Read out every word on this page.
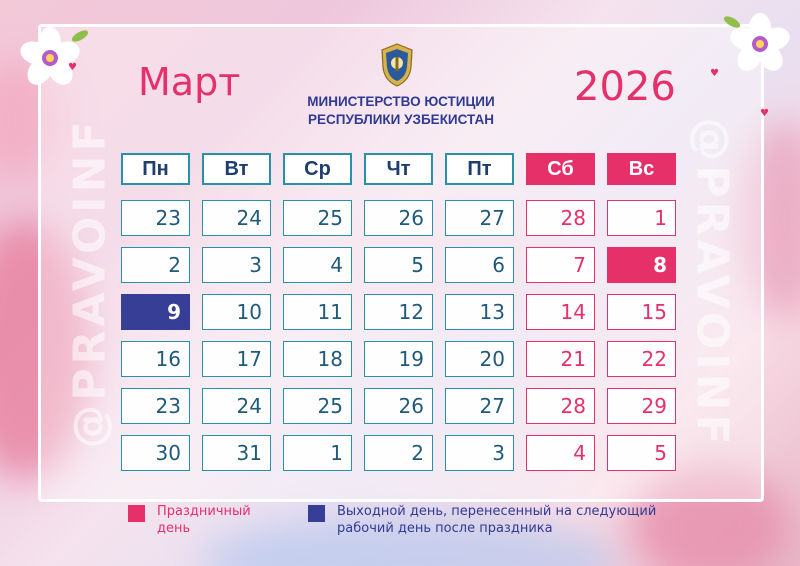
@PRAVOINF	@PRAVOINF
♥
♥
♥
Март	2026
МИНИСТЕРСТВО ЮСТИЦИИ
РЕСПУБЛИКИ УЗБЕКИСТАН
Пн	Вт	Ср	Чт	Пт	Сб	Вс
23	24	25	26	27	28	1
2	3	4	5	6	7	8
9	10	11	12	13	14	15
16	17	18	19	20	21	22
23	24	25	26	27	28	29
30	31	1	2	3	4	5
Праздничный день
Выходной день, перенесенный на следующий рабочий день после праздника
